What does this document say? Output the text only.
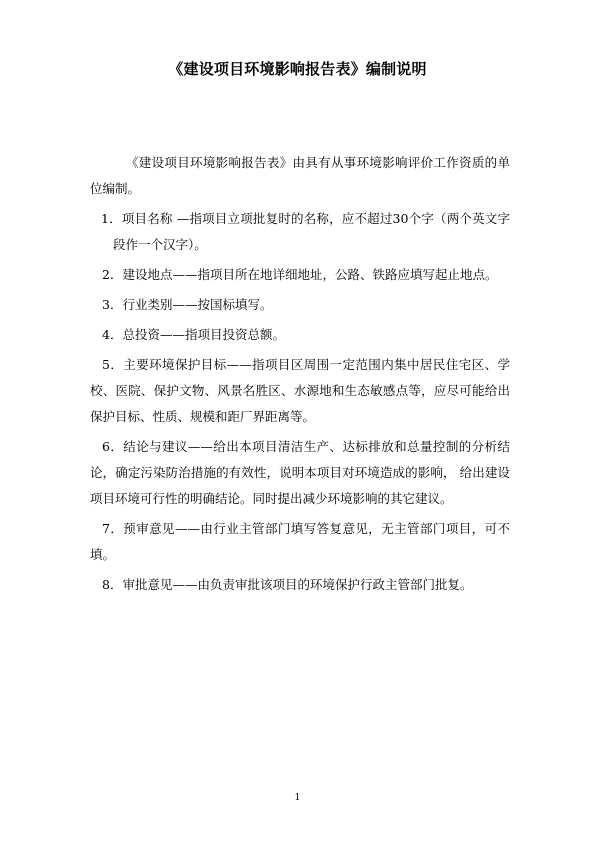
《建设项目环境影响报告表》编制说明

《建设项目环境影响报告表》由具有从事环境影响评价工作资质的单位编制。

1．项目名称 —指项目立项批复时的名称，应不超过30个字（两个英文字段作一个汉字）。

2．建设地点——指项目所在地详细地址，公路、铁路应填写起止地点。

3．行业类别——按国标填写。

4．总投资——指项目投资总额。

5．主要环境保护目标——指项目区周围一定范围内集中居民住宅区、学校、医院、保护文物、风景名胜区、水源地和生态敏感点等，应尽可能给出保护目标、性质、规模和距厂界距离等。

6．结论与建议——给出本项目清洁生产、达标排放和总量控制的分析结论，确定污染防治措施的有效性，说明本项目对环境造成的影响， 给出建设项目环境可行性的明确结论。同时提出减少环境影响的其它建议。

7．预审意见——由行业主管部门填写答复意见，无主管部门项目，可不填。

8．审批意见——由负责审批该项目的环境保护行政主管部门批复。

1
